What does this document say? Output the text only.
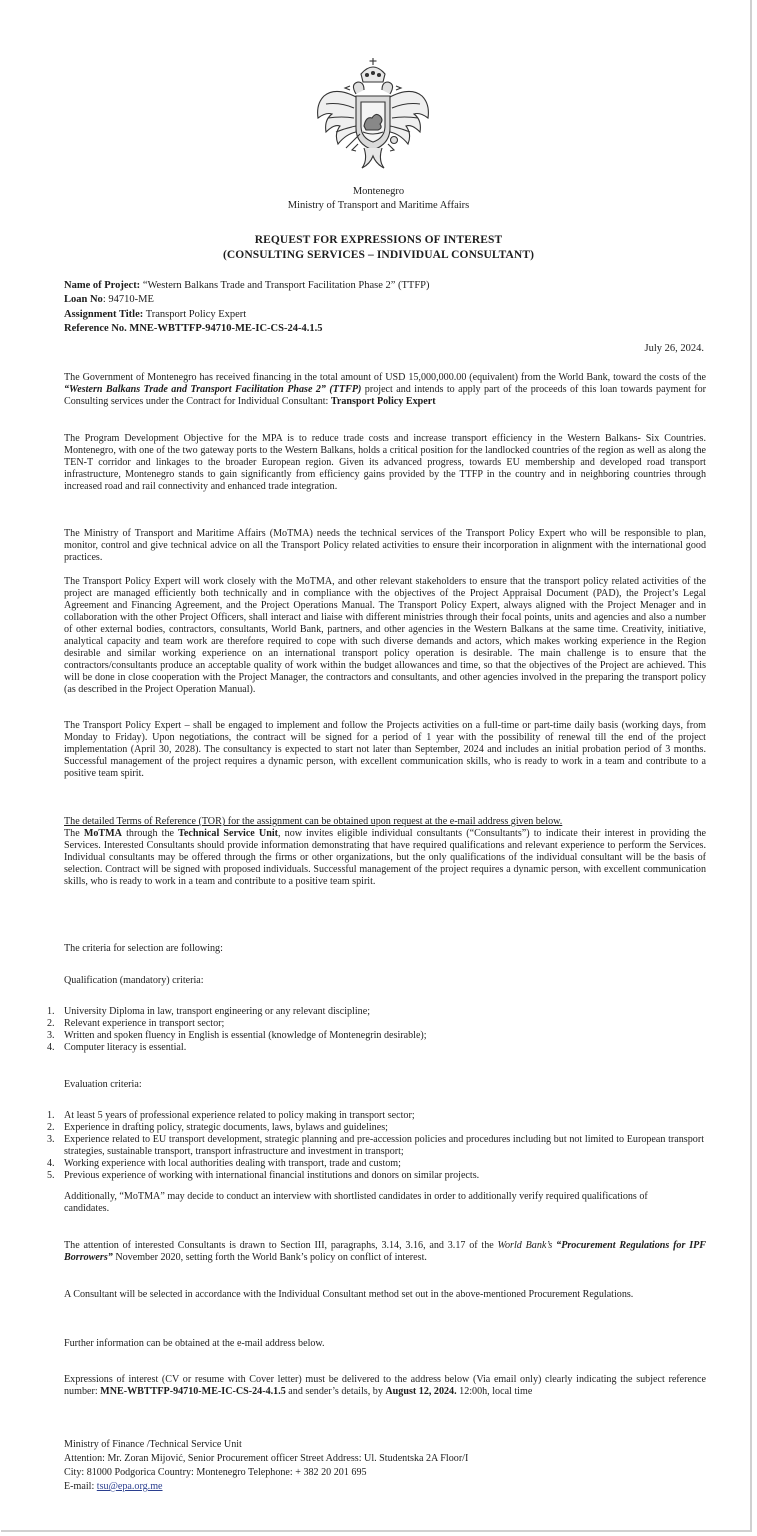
Montenegro
Ministry of Transport and Maritime Affairs
REQUEST FOR EXPRESSIONS OF INTEREST
(CONSULTING SERVICES – INDIVIDUAL CONSULTANT)
Name of Project: “Western Balkans Trade and Transport Facilitation Phase 2” (TTFP)
Loan No: 94710-ME
Assignment Title: Transport Policy Expert
Reference No. MNE-WBTTFP-94710-ME-IC-CS-24-4.1.5
July 26, 2024.

The Government of Montenegro has received financing in the total amount of USD 15,000,000.00 (equivalent) from the World Bank, toward the costs of the “Western Balkans Trade and Transport Facilitation Phase 2” (TTFP) project and intends to apply part of the proceeds of this loan towards payment for Consulting services under the Contract for Individual Consultant: Transport Policy Expert

The Program Development Objective for the MPA is to reduce trade costs and increase transport efficiency in the Western Balkans- Six Countries. Montenegro, with one of the two gateway ports to the Western Balkans, holds a critical position for the landlocked countries of the region as well as along the TEN-T corridor and linkages to the broader European region. Given its advanced progress, towards EU membership and developed road transport infrastructure, Montenegro stands to gain significantly from efficiency gains provided by the TTFP in the country and in neighboring countries through increased road and rail connectivity and enhanced trade integration.

The Ministry of Transport and Maritime Affairs (MoTMA) needs the technical services of the Transport Policy Expert who will be responsible to plan, monitor, control and give technical advice on all the Transport Policy related activities to ensure their incorporation in alignment with the international good practices.

The Transport Policy Expert will work closely with the MoTMA, and other relevant stakeholders to ensure that the transport policy related activities of the project are managed efficiently both technically and in compliance with the objectives of the Project Appraisal Document (PAD), the Project’s Legal Agreement and Financing Agreement, and the Project Operations Manual. The Transport Policy Expert, always aligned with the Project Menager and in collaboration with the other Project Officers, shall interact and liaise with different ministries through their focal points, units and agencies and also a number of other external bodies, contractors, consultants, World Bank, partners, and other agencies in the Western Balkans at the same time. Creativity, initiative, analytical capacity and team work are therefore required to cope with such diverse demands and actors, which makes working experience in the Region desirable and similar working experience on an international transport policy operation is desirable. The main challenge is to ensure that the contractors/consultants produce an acceptable quality of work within the budget allowances and time, so that the objectives of the Project are achieved. This will be done in close cooperation with the Project Manager, the contractors and consultants, and other agencies involved in the preparing the transport policy (as described in the Project Operation Manual).

The Transport Policy Expert – shall be engaged to implement and follow the Projects activities on a full-time or part-time daily basis (working days, from Monday to Friday). Upon negotiations, the contract will be signed for a period of 1 year with the possibility of renewal till the end of the project implementation (April 30, 2028). The consultancy is expected to start not later than September, 2024 and includes an initial probation period of 3 months. Successful management of the project requires a dynamic person, with excellent communication skills, who is ready to work in a team and contribute to a positive team spirit.

The detailed Terms of Reference (TOR) for the assignment can be obtained upon request at the e-mail address given below.

The MoTMA through the Technical Service Unit, now invites eligible individual consultants (“Consultants”) to indicate their interest in providing the Services. Interested Consultants should provide information demonstrating that have required qualifications and relevant experience to perform the Services. Individual consultants may be offered through the firms or other organizations, but the only qualifications of the individual consultant will be the basis of selection. Contract will be signed with proposed individuals. Successful management of the project requires a dynamic person, with excellent communication skills, who is ready to work in a team and contribute to a positive team spirit.

The criteria for selection are following:
Qualification (mandatory) criteria:
1. University Diploma in law, transport engineering or any relevant discipline;
2. Relevant experience in transport sector;
3. Written and spoken fluency in English is essential (knowledge of Montenegrin desirable);
4. Computer literacy is essential.
Evaluation criteria:
1. At least 5 years of professional experience related to policy making in transport sector;
2. Experience in drafting policy, strategic documents, laws, bylaws and guidelines;
3. Experience related to EU transport development, strategic planning and pre-accession policies and procedures including but not limited to European transport strategies, sustainable transport, transport infrastructure and investment in transport;
4. Working experience with local authorities dealing with transport, trade and custom;
5. Previous experience of working with international financial institutions and donors on similar projects.

Additionally, “MoTMA” may decide to conduct an interview with shortlisted candidates in order to additionally verify required qualifications of candidates.

The attention of interested Consultants is drawn to Section III, paragraphs, 3.14, 3.16, and 3.17 of the World Bank’s “Procurement Regulations for IPF Borrowers” November 2020, setting forth the World Bank’s policy on conflict of interest.

A Consultant will be selected in accordance with the Individual Consultant method set out in the above-mentioned Procurement Regulations.

Further information can be obtained at the e-mail address below.

Expressions of interest (CV or resume with Cover letter) must be delivered to the address below (Via email only) clearly indicating the subject reference number: MNE-WBTTFP-94710-ME-IC-CS-24-4.1.5 and sender’s details, by August 12, 2024. 12:00h, local time

Ministry of Finance /Technical Service Unit
Attention: Mr. Zoran Mijović, Senior Procurement officer Street Address: Ul. Studentska 2A Floor/I
City: 81000 Podgorica Country: Montenegro Telephone: + 382 20 201 695
E-mail: tsu@epa.org.me
